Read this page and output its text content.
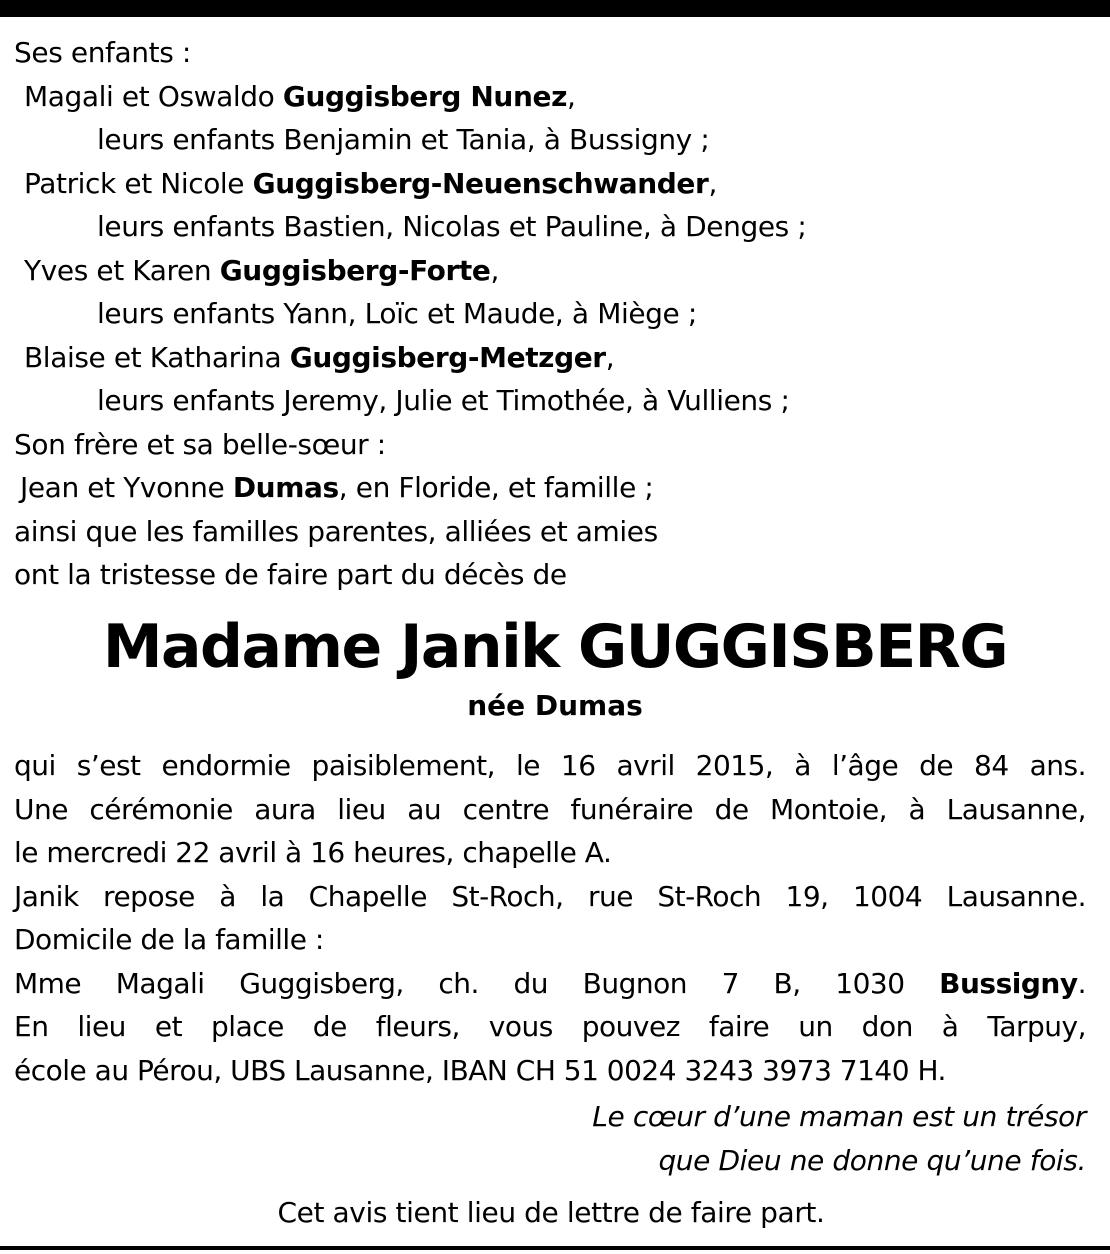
Ses enfants :
Magali et Oswaldo Guggisberg Nunez,
leurs enfants Benjamin et Tania, à Bussigny ;
Patrick et Nicole Guggisberg-Neuenschwander,
leurs enfants Bastien, Nicolas et Pauline, à Denges ;
Yves et Karen Guggisberg-Forte,
leurs enfants Yann, Loïc et Maude, à Miège ;
Blaise et Katharina Guggisberg-Metzger,
leurs enfants Jeremy, Julie et Timothée, à Vulliens ;
Son frère et sa belle-sœur :
Jean et Yvonne Dumas, en Floride, et famille ;
ainsi que les familles parentes, alliées et amies
ont la tristesse de faire part du décès de
Madame Janik GUGGISBERG
née Dumas
qui s’est endormie paisiblement, le 16 avril 2015, à l’âge de 84 ans.
Une cérémonie aura lieu au centre funéraire de Montoie, à Lausanne,
le mercredi 22 avril à 16 heures, chapelle A.
Janik repose à la Chapelle St-Roch, rue St-Roch 19, 1004 Lausanne.
Domicile de la famille :
Mme Magali Guggisberg, ch. du Bugnon 7 B, 1030 Bussigny.
En lieu et place de fleurs, vous pouvez faire un don à Tarpuy,
école au Pérou, UBS Lausanne, IBAN CH 51 0024 3243 3973 7140 H.
Le cœur d’une maman est un trésor
que Dieu ne donne qu’une fois.
Cet avis tient lieu de lettre de faire part.
